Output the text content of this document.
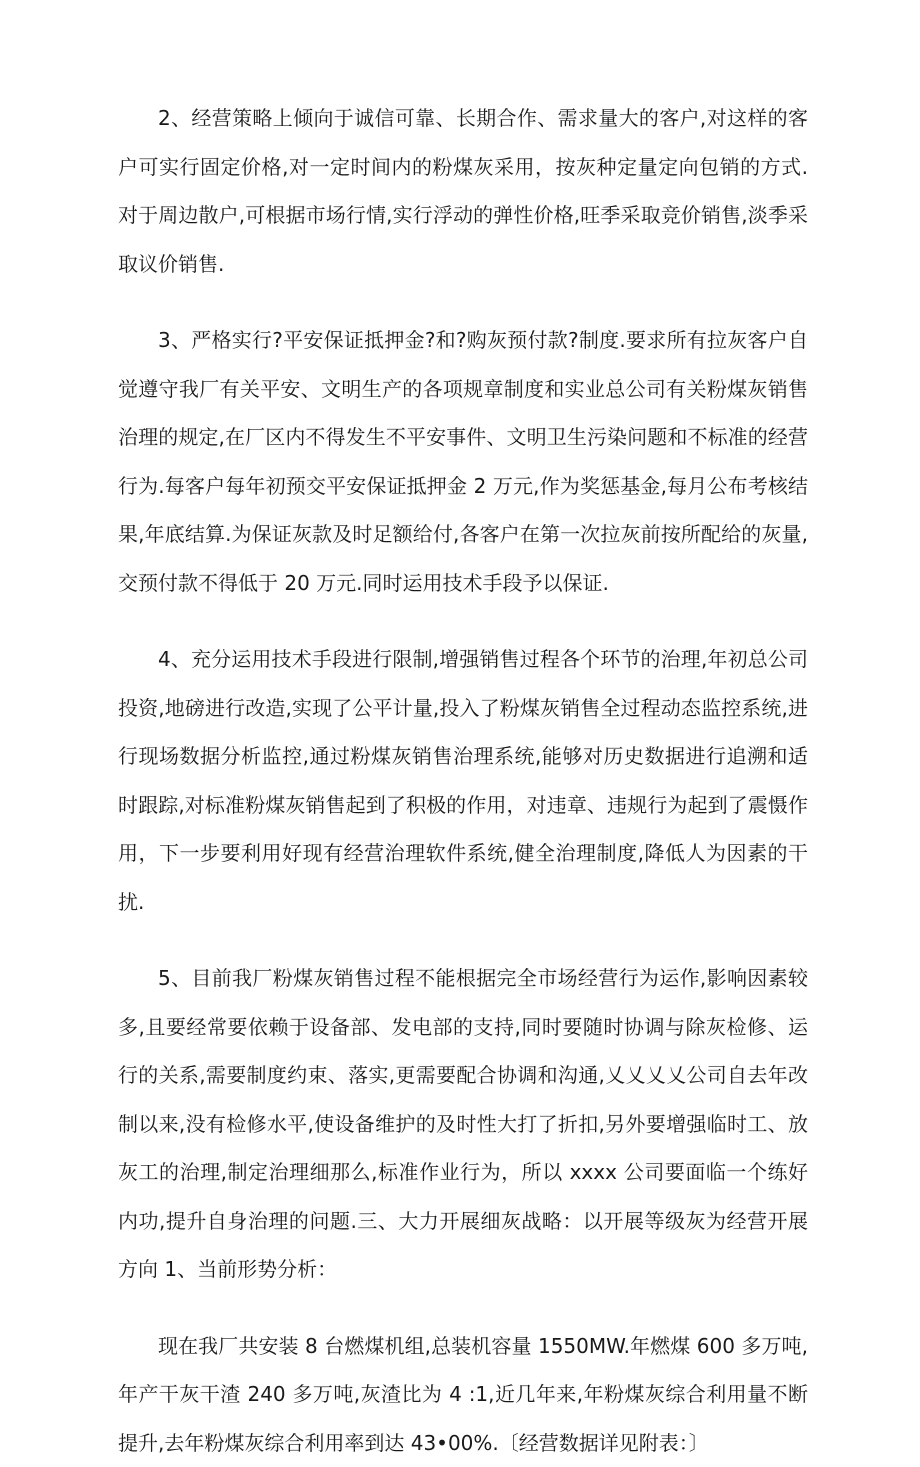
2、经营策略上倾向于诚信可靠、长期合作、需求量大的客户,对这样的客户可实行固定价格,对一定时间内的粉煤灰采用，按灰种定量定向包销的方式.对于周边散户,可根据市场行情,实行浮动的弹性价格,旺季采取竞价销售,淡季采取议价销售.

3、严格实行?平安保证抵押金?和?购灰预付款?制度.要求所有拉灰客户自觉遵守我厂有关平安、文明生产的各项规章制度和实业总公司有关粉煤灰销售治理的规定,在厂区内不得发生不平安事件、文明卫生污染问题和不标准的经营行为.每客户每年初预交平安保证抵押金 2 万元,作为奖惩基金,每月公布考核结果,年底结算.为保证灰款及时足额给付,各客户在第一次拉灰前按所配给的灰量,交预付款不得低于 20 万元.同时运用技术手段予以保证.

4、充分运用技术手段进行限制,增强销售过程各个环节的治理,年初总公司投资,地磅进行改造,实现了公平计量,投入了粉煤灰销售全过程动态监控系统,进行现场数据分析监控,通过粉煤灰销售治理系统,能够对历史数据进行追溯和适时跟踪,对标准粉煤灰销售起到了积极的作用，对违章、违规行为起到了震慑作用，下一步要利用好现有经营治理软件系统,健全治理制度,降低人为因素的干扰.

5、目前我厂粉煤灰销售过程不能根据完全市场经营行为运作,影响因素较多,且要经常要依赖于设备部、发电部的支持,同时要随时协调与除灰检修、运行的关系,需要制度约束、落实,更需要配合协调和沟通,乂乂乂乂公司自去年改制以来,没有检修水平,使设备维护的及时性大打了折扣,另外要增强临时工、放灰工的治理,制定治理细那么,标准作业行为，所以 xxxx 公司要面临一个练好内功,提升自身治理的问题.三、大力开展细灰战略：以开展等级灰为经营开展方向 1、当前形势分析：

现在我厂共安装 8 台燃煤机组,总装机容量 1550MW.年燃煤 600 多万吨,年产干灰干渣 240 多万吨,灰渣比为 4 :1,近几年来,年粉煤灰综合利用量不断提升,去年粉煤灰综合利用率到达 43•00%.〔经营数据详见附表：〕
